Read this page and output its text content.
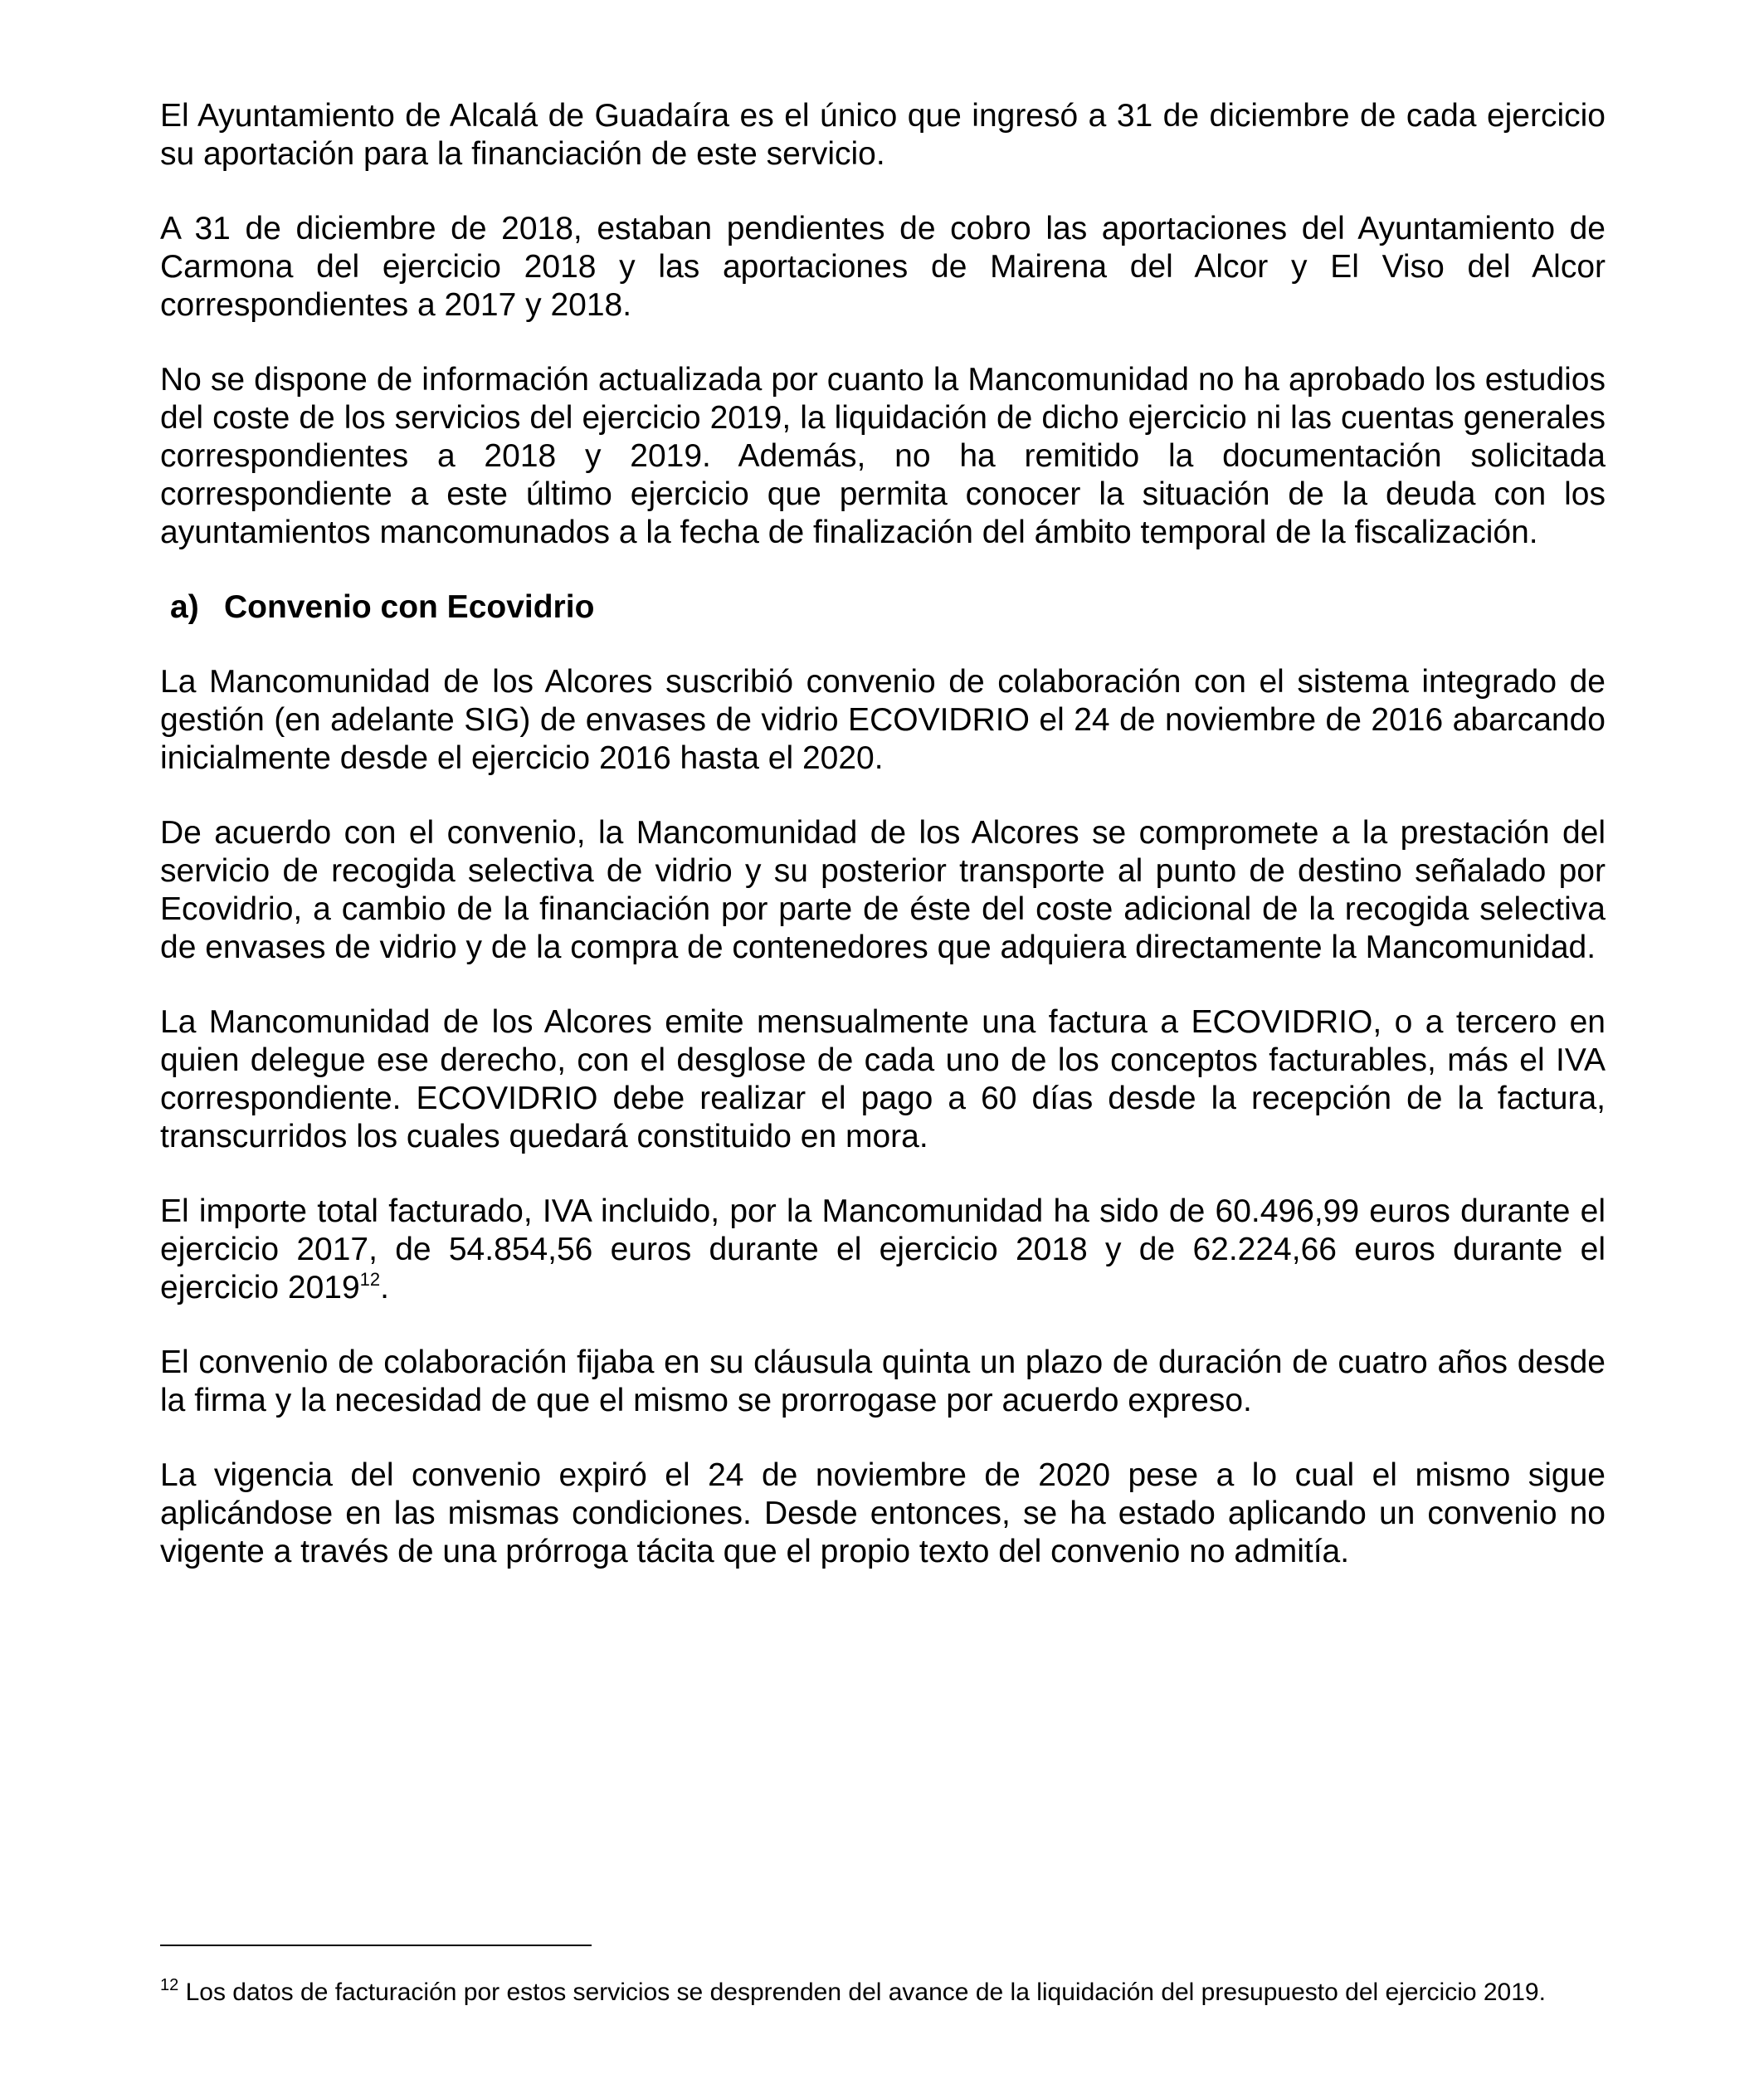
El Ayuntamiento de Alcalá de Guadaíra es el único que ingresó a 31 de diciembre de cada ejercicio su aportación para la financiación de este servicio.

A 31 de diciembre de 2018, estaban pendientes de cobro las aportaciones del Ayuntamiento de Carmona del ejercicio 2018 y las aportaciones de Mairena del Alcor y El Viso del Alcor correspondientes a 2017 y 2018.

No se dispone de información actualizada por cuanto la Mancomunidad no ha aprobado los estudios del coste de los servicios del ejercicio 2019, la liquidación de dicho ejercicio ni las cuentas generales correspondientes a 2018 y 2019. Además, no ha remitido la documentación solicitada correspondiente a este último ejercicio que permita conocer la situación de la deuda con los ayuntamientos mancomunados a la fecha de finalización del ámbito temporal de la fiscalización.

a) Convenio con Ecovidrio

La Mancomunidad de los Alcores suscribió convenio de colaboración con el sistema integrado de gestión (en adelante SIG) de envases de vidrio ECOVIDRIO el 24 de noviembre de 2016 abarcando inicialmente desde el ejercicio 2016 hasta el 2020.

De acuerdo con el convenio, la Mancomunidad de los Alcores se compromete a la prestación del servicio de recogida selectiva de vidrio y su posterior transporte al punto de destino señalado por Ecovidrio, a cambio de la financiación por parte de éste del coste adicional de la recogida selectiva de envases de vidrio y de la compra de contenedores que adquiera directamente la Mancomunidad.

La Mancomunidad de los Alcores emite mensualmente una factura a ECOVIDRIO, o a tercero en quien delegue ese derecho, con el desglose de cada uno de los conceptos facturables, más el IVA correspondiente. ECOVIDRIO debe realizar el pago a 60 días desde la recepción de la factura, transcurridos los cuales quedará constituido en mora.

El importe total facturado, IVA incluido, por la Mancomunidad ha sido de 60.496,99 euros durante el ejercicio 2017, de 54.854,56 euros durante el ejercicio 2018 y de 62.224,66 euros durante el ejercicio 2019$^{12}$.

El convenio de colaboración fijaba en su cláusula quinta un plazo de duración de cuatro años desde la firma y la necesidad de que el mismo se prorrogase por acuerdo expreso.

La vigencia del convenio expiró el 24 de noviembre de 2020 pese a lo cual el mismo sigue aplicándose en las mismas condiciones. Desde entonces, se ha estado aplicando un convenio no vigente a través de una prórroga tácita que el propio texto del convenio no admitía.

$^{12}$ Los datos de facturación por estos servicios se desprenden del avance de la liquidación del presupuesto del ejercicio 2019.
